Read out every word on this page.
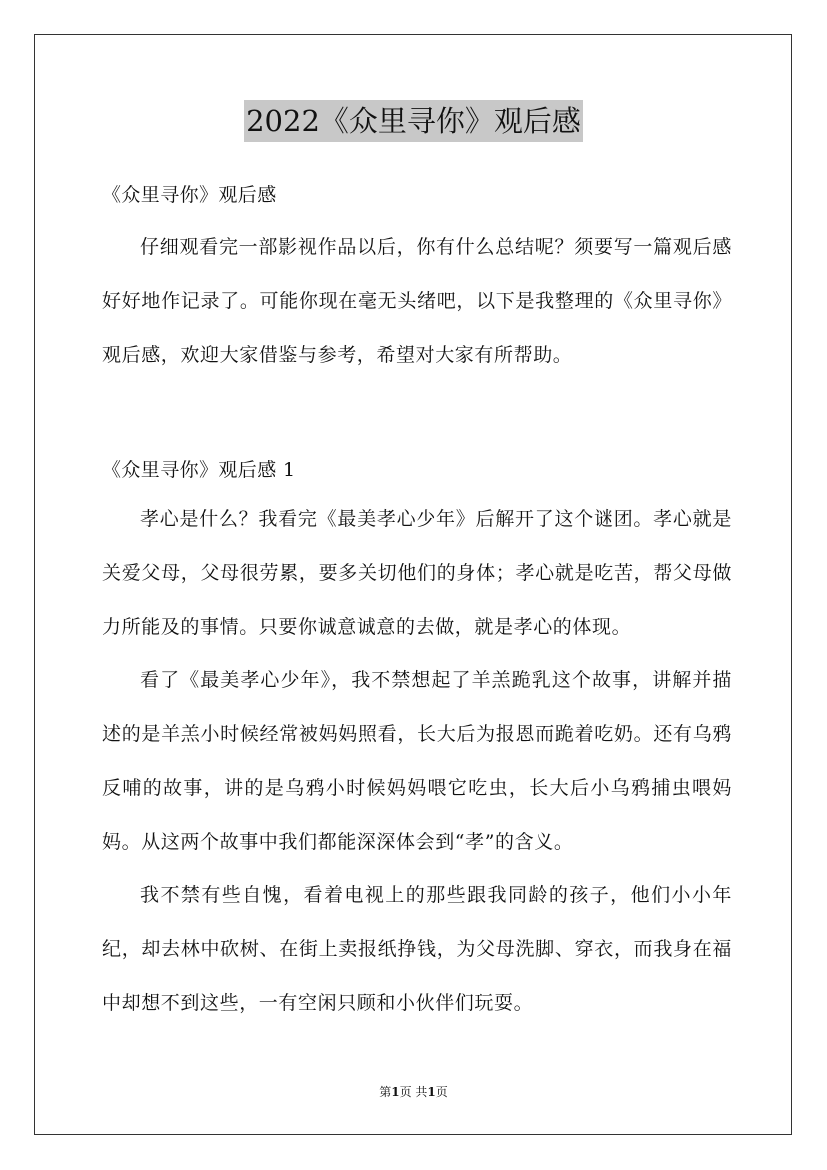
2022《众里寻你》观后感
《众里寻你》观后感
仔细观看完一部影视作品以后，你有什么总结呢？须要写一篇观后感好好地作记录了。可能你现在毫无头绪吧，以下是我整理的《众里寻你》观后感，欢迎大家借鉴与参考，希望对大家有所帮助。
《众里寻你》观后感 1
孝心是什么？我看完《最美孝心少年》后解开了这个谜团。孝心就是关爱父母，父母很劳累，要多关切他们的身体；孝心就是吃苦，帮父母做力所能及的事情。只要你诚意诚意的去做，就是孝心的体现。
看了《最美孝心少年》，我不禁想起了羊羔跪乳这个故事，讲解并描述的是羊羔小时候经常被妈妈照看，长大后为报恩而跪着吃奶。还有乌鸦反哺的故事，讲的是乌鸦小时候妈妈喂它吃虫，长大后小乌鸦捕虫喂妈妈。从这两个故事中我们都能深深体会到“孝”的含义。
我不禁有些自愧，看着电视上的那些跟我同龄的孩子，他们小小年纪，却去林中砍树、在街上卖报纸挣钱，为父母洗脚、穿衣，而我身在福中却想不到这些，一有空闲只顾和小伙伴们玩耍。
第1页 共1页
